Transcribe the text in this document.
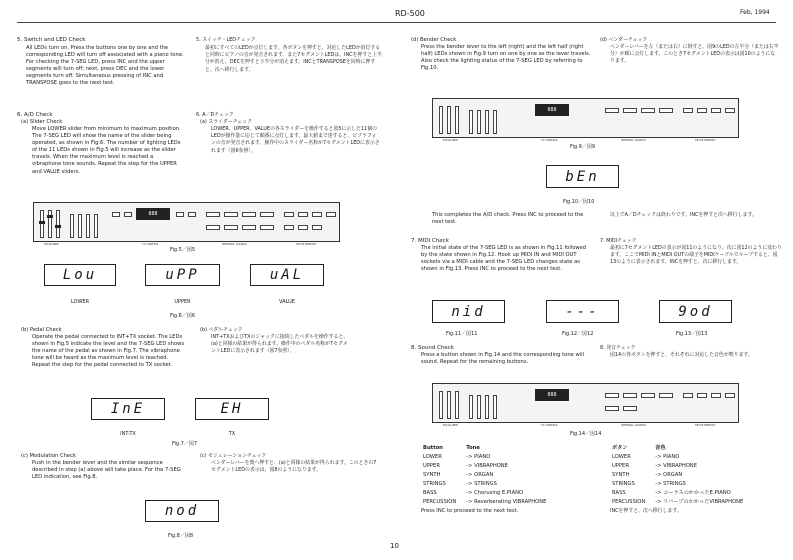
RD-500	Feb, 1994
5. Switch and LED Check
All LEDs turn on. Press the buttons one by one and the corresponding LED will turn off associated with a piano tone. For checking the 7-SEG LED, press INC and the upper segments will turn off; next, press DEC and the lower segments turn off. Simultaneous pressing of INC and TRANSPOSE goes to the next test.
5. スイッチ・LEDチェック
最初にすべてのLEDが点灯します。各ボタンを押すと、対応したLEDが消灯すると同時にピアノの音が発音されます。また7セグメントLEDは、INCを押すと上半分が消え、DECを押すと下半分が消えます。INCとTRANSPOSEを同時に押すと、次へ移行します。
6. A/D Check
(a) Slider Check
Move LOWER slider from minimum to maximum position. The 7-SEG LED will show the name of the slider being operated, as shown in Fig.6. The number of lighting LEDs of the 11 LEDs shown in Fig.5 will increase as the slider travels. When the maximum level is reached a vibraphone tone sounds. Repeat the step for the UPPER and VALUE sliders.
6. A／Dチェック
(a) スライダーチェック
LOWER、UPPER、VALUEの各スライダーを操作すると図5に示した11個のLEDが操作量に応じて順番に点灯します。最大値まで達すると、ビブラフォンの音が発音されます。操作中のスライダー名称が7セグメントLEDに表示されます（図6参照）。
EQUALIZER
888
TX CONTROL	INTERNAL SOUNDS	SETUP MEMORY
Fig.5／図5
Lou
LOWER
uPP
UPPER
uAL
VALUE
Fig.6／図6
(b) Pedal Check
Operate the pedal connected to INT+TX socket. The LEDs shown in Fig.5 indicate the level and the 7-SEG LED shows the name of the pedal as shown in Fig.7. The vibraphone tone will be heard as the maximum level is reached. Repeat the step for the pedal connected to TX socket.
(b) ペダルチェック
INT+TXおよびTXのジャックに接続したペダルを操作すると、(a)と同様の結果が得られます。操作中のペダル名称が7セグメントLEDに表示されます（図7参照）。
InE
INT-TX
EH
TX
Fig.7／図7
(c) Modulation Check
Push in the bender lever and the similar sequence described in step (a) above will take place. For the 7-SEG LED indication, see Fig.8.
(c) モジュレーションチェック
ベンダーレバーを奥へ押すと、(a)と同様の結果が得られます。このときの7セグメントLEDの表示は、図8のようになります。
nod
Fig.8／図8
(d) Bender Check
Press the bender lever to the left (right) and the left half (right half) LEDs shown in Fig.9 turn on one by one as the lever travels. Also check the lighting status of the 7-SEG LED by referring to Fig.10.
(d) ベンダーチェック
ベンダーレバーを左（または右）に倒すと、図9のLEDの左半分（または右半分）が順に点灯します。このとき7セグメントLEDの表示は図10のようになります。
EQUALIZER
888
TX CONTROL	INTERNAL SOUNDS	SETUP MEMORY
Fig.9／図9
bEn
Fig.10／図10
This completes the A/D check. Press INC to proceed to the next test.
以上でA／Dチェックは終わりです。INCを押すと次へ移行します。
7. MIDI Check
The initial state of the 7-SEG LED is as shown in Fig.11 followed by the state shown in Fig.12. Hook up MIDI IN and MIDI OUT sockets via a MIDI cable and the 7-SEG LED changes state as shown in Fig.13. Press INC to proceed to the next test.
7. MIDIチェック
最初に7セグメントLEDの表示が図11のようになり、次に図12のように変わります。ここでMIDI INとMIDI OUTの端子をMIDIケーブルでループすると、図13のように表示されます。INCを押すと、次に移行します。
nid
Fig.11／図11
---
Fig.12／図12
9od
Fig.13／図13
8. Sound Check
Press a button shown in Fig.14 and the corresponding tone will sound. Repeat for the remaining buttons.
8. 発音チェック
図14の各ボタンを押すと、それぞれに対応した音色が鳴ります。
EQUALIZER
888
TX CONTROL	INTERNAL SOUNDS	SETUP MEMORY
Fig.14／図14
Button	Tone
LOWER	-> PIANO
UPPER	-> VIBRAPHONE
SYNTH	-> ORGAN
STRINGS	-> STRINGS
BASS	-> Chorusing E.PIANO
PERCUSSION	-> Reverberating VIBRAPHONE
Press INC to proceed to the next test.
ボタン	音色
LOWER	-> PIANO
UPPER	-> VIBRAPHONE
SYNTH	-> ORGAN
STRINGS	-> STRINGS
BASS	-> コーラスのかかったE.PIANO
PERCUSSION	-> リバーブのかかったVIBRAPHONE
INCを押すと、次へ移行します。
10
